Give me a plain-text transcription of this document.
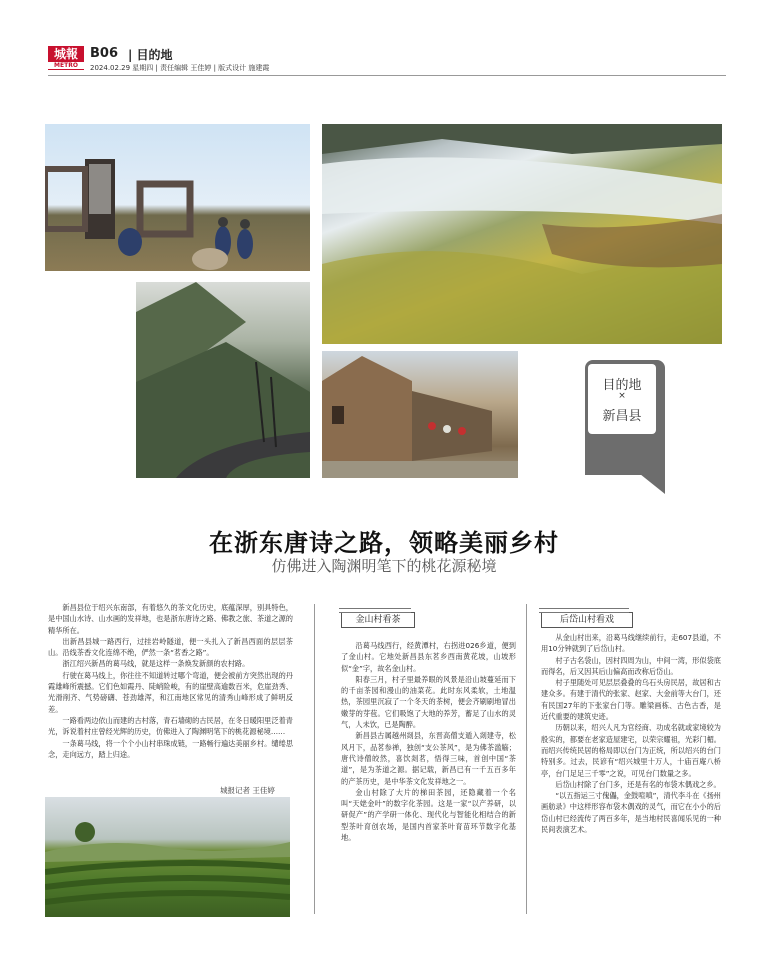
城報
METRO
B06 | 目的地
2024.02.29 星期四 | 责任编辑 王佳婷 | 版式设计 施建霞
目的地
×
新昌县
在浙东唐诗之路，领略美丽乡村
仿佛进入陶渊明笔下的桃花源秘境

新昌县位于绍兴东南部，有着悠久的茶文化历史，底蕴深厚，别具特色，是中国山水诗、山水画的发祥地，也是浙东唐诗之路、佛教之旅、茶道之源的精华所在。

出新昌县城一路西行，过挂岩岭隧道，便一头扎入了新昌西面的层层茶山。沿线茶香文化连绵不绝，俨然一条“茗香之路”。

浙江绍兴新昌的葛马线，就是这样一条焕发新颜的农村路。

行驶在葛马线上，你往往不知道转过哪个弯道，便会被前方突然出现的丹霞雄峰所震撼。它们色如霞丹、陡峭险峻，有的崖壁高逾数百米，危崖劲秀、光滑削齐、气势磅礴、苍劲雄浑，和江南地区常见的清秀山峰形成了鲜明反差。

一路看两边依山而建的古村落，青石墙砌的古民居，在冬日暖阳里泛着青光，诉说着村庄曾经光辉的历史，仿佛进入了陶渊明笔下的桃花源秘境……

一条葛马线，将一个个小山村串珠成链，一路畅行遍达美丽乡村。缱绻思念，走向远方，踏上归途。

城报记者 王佳婷
金山村看茶

沿葛马线西行，经黄潭村，右拐进026乡道，便到了金山村。它地处新昌县东茗乡西南黄花坡，山坡形似“金”字，故名金山村。

阳春三月，村子里最养眼的风景是沿山坡蔓延而下的千亩茶园和漫山的油菜花。此时东风柔软，土地温热，茶园里沉寂了一个冬天的茶树，便会齐刷刷地冒出嫩芽的芽苞。它们吸饱了大地的养芳，蓄足了山水的灵气，人未饮，已是陶醉。

新昌县古属越州剡县，东晋高僧支遁入剡建寺，松风月下，品茗参禅，独创“支公茶风”，是为佛茶滥觞；唐代诗僧皎然，喜饮剡茗，悟得三味，首创中国“茶道”，是为茶道之源。据记载，新昌已有一千五百多年的产茶历史，是中华茶文化发祥地之一。

金山村除了大片的梯田茶园，还隐藏着一个名叫“天姥金叶”的数字化茶园。这是一家“以产养研，以研促产”的产学研一体化、现代化与智能化相结合的新型茶叶育创农场，是国内首家茶叶育苗环节数字化基地。

后岱山村看戏

从金山村出来，沿葛马线继续前行，走607县道，不用10分钟就到了后岱山村。

村子古名袋山，因村四周为山，中间一湾，形似袋底而得名，后又因其后山偏高而改称后岱山。

村子里随处可见层层叠叠的乌石头房民居，故居和古建众多。有建于清代的张家、赵家、大金前等大台门，还有民国27年的下张家台门等。雕梁画栋、古色古香，是近代重要的建筑史迹。

历朝以来，绍兴人凡为官经商、功成名就或家境较为殷实的，都要在老家造屋建宅，以荣宗耀祖，光彩门楣。而绍兴传统民居的格局即以台门为正统，所以绍兴的台门特别多。过去，民谚有“绍兴城里十万人，十庙百庵八桥亭，台门足足三千零”之说，可见台门数量之多。

后岱山村除了台门多，还是有名的布袋木偶戏之乡。

“以五指运三寸傀儡，金鼓喧嗔”，清代李斗在《扬州画舫录》中这样形容布袋木偶戏的灵气，而它在小小的后岱山村已经流传了两百多年，是当地村民喜闻乐见的一种民间表演艺术。
